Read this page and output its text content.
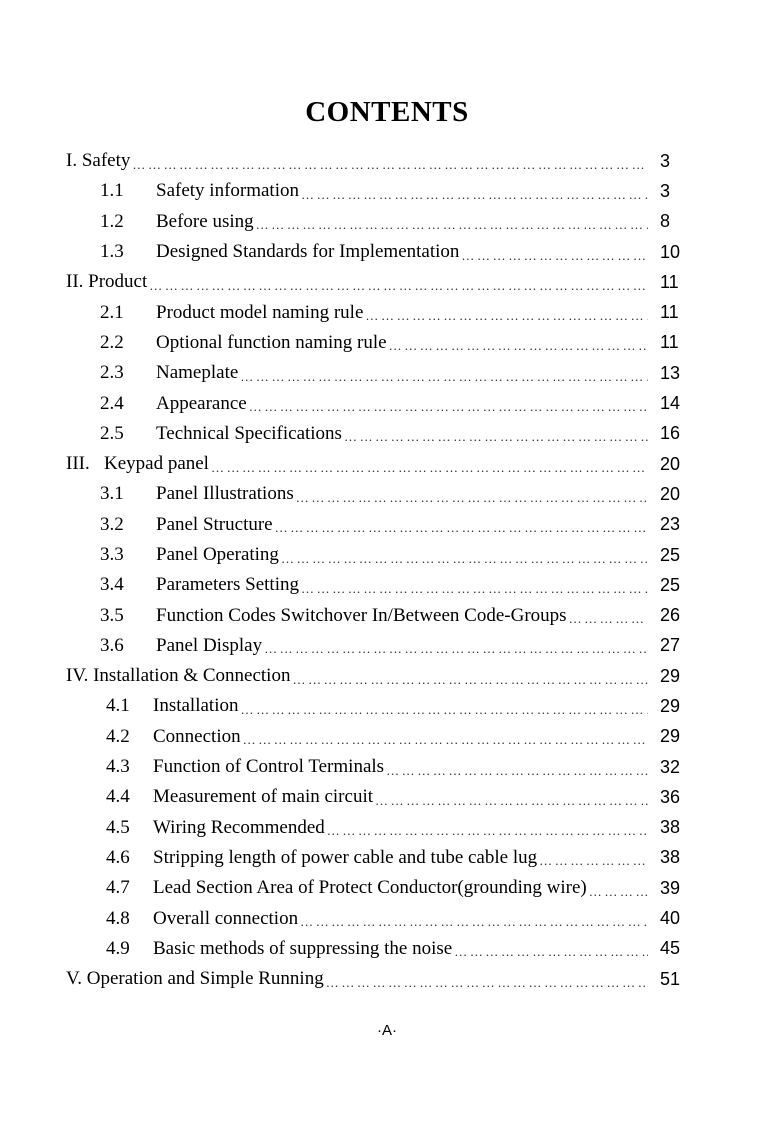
CONTENTS
I. Safety …………………………………………………………………………………………………………………………………………	3
1.1	Safety information …………………………………………………………………………………………………………………………………………	3
1.2	Before using …………………………………………………………………………………………………………………………………………	8
1.3	Designed Standards for Implementation …………………………………………………………………………………………………………………………………………	10
II. Product …………………………………………………………………………………………………………………………………………	11
2.1	Product model naming rule …………………………………………………………………………………………………………………………………………	11
2.2	Optional function naming rule …………………………………………………………………………………………………………………………………………	11
2.3	Nameplate …………………………………………………………………………………………………………………………………………	13
2.4	Appearance …………………………………………………………………………………………………………………………………………	14
2.5	Technical Specifications …………………………………………………………………………………………………………………………………………	16
III.   Keypad panel …………………………………………………………………………………………………………………………………………	20
3.1	Panel Illustrations …………………………………………………………………………………………………………………………………………	20
3.2	Panel Structure …………………………………………………………………………………………………………………………………………	23
3.3	Panel Operating …………………………………………………………………………………………………………………………………………	25
3.4	Parameters Setting …………………………………………………………………………………………………………………………………………	25
3.5	Function Codes Switchover In/Between Code-Groups …………………………………………………………………………………………………………………………………………	26
3.6	Panel Display …………………………………………………………………………………………………………………………………………	27
IV. Installation & Connection …………………………………………………………………………………………………………………………………………	29
4.1	Installation …………………………………………………………………………………………………………………………………………	29
4.2	Connection …………………………………………………………………………………………………………………………………………	29
4.3	Function of Control Terminals …………………………………………………………………………………………………………………………………………	32
4.4	Measurement of main circuit …………………………………………………………………………………………………………………………………………	36
4.5	Wiring Recommended …………………………………………………………………………………………………………………………………………	38
4.6	Stripping length of power cable and tube cable lug …………………………………………………………………………………………………………………………………………	38
4.7	Lead Section Area of Protect Conductor(grounding wire) …………………………………………………………………………………………………………………………………………	39
4.8	Overall connection …………………………………………………………………………………………………………………………………………	40
4.9	Basic methods of suppressing the noise …………………………………………………………………………………………………………………………………………	45
V. Operation and Simple Running …………………………………………………………………………………………………………………………………………	51
·A·
